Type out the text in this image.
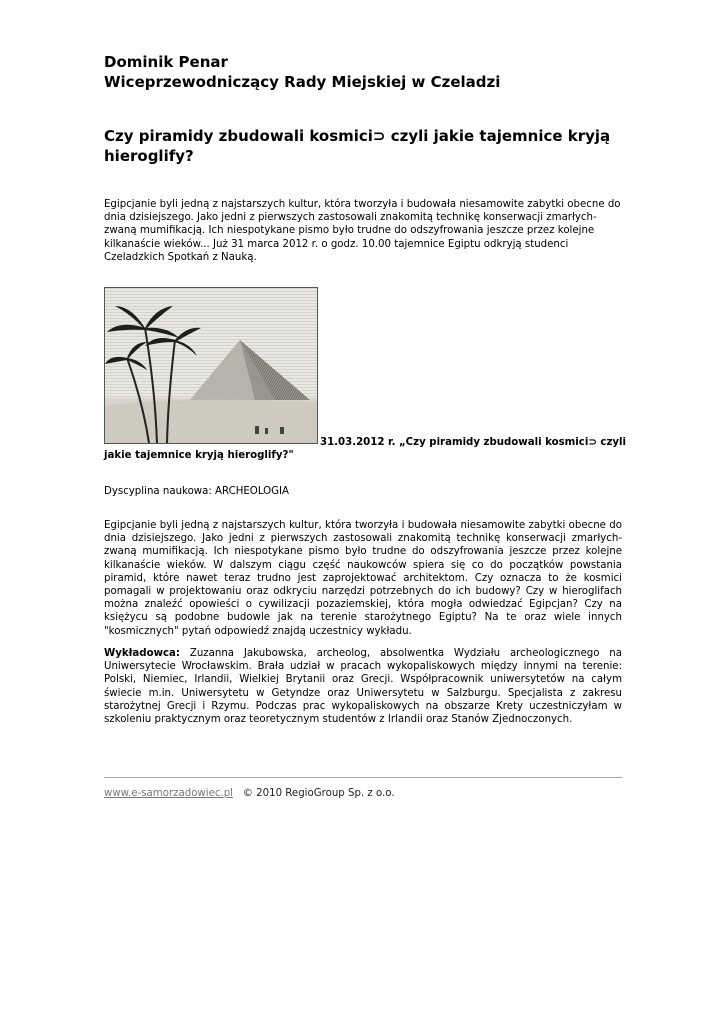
Dominik Penar
Wiceprzewodniczący Rady Miejskiej w Czeladzi
Czy piramidy zbudowali kosmici⊃ czyli jakie tajemnice kryją hieroglify?
Egipcjanie byli jedną z najstarszych kultur, która tworzyła i budowała niesamowite zabytki obecne do dnia dzisiejszego. Jako jedni z pierwszych zastosowali znakomitą technikę konserwacji zmarłych- zwaną mumifikacją. Ich niespotykane pismo było trudne do odszyfrowania jeszcze przez kolejne kilkanaście wieków... Już 31 marca 2012 r. o godz. 10.00 tajemnice Egiptu odkryją studenci Czeladzkich Spotkań z Nauką.
31.03.2012 r. „Czy piramidy zbudowali kosmici⊃ czyli
jakie tajemnice kryją hieroglify?"
Dyscyplina naukowa: ARCHEOLOGIA
Egipcjanie byli jedną z najstarszych kultur, która tworzyła i budowała niesamowite zabytki obecne do dnia dzisiejszego. Jako jedni z pierwszych zastosowali znakomitą technikę konserwacji zmarłych- zwaną mumifikacją. Ich niespotykane pismo było trudne do odszyfrowania jeszcze przez kolejne kilkanaście wieków. W dalszym ciągu część naukowców spiera się co do początków powstania piramid, które nawet teraz trudno jest zaprojektować architektom. Czy oznacza to że kosmici pomagali w projektowaniu oraz odkryciu narzędzi potrzebnych do ich budowy? Czy w hieroglifach można znaleźć opowieści o cywilizacji pozaziemskiej, która mogła odwiedzać Egipcjan? Czy na księżycu są podobne budowle jak na terenie starożytnego Egiptu? Na te oraz wiele innych "kosmicznych" pytań odpowiedź znajdą uczestnicy wykładu.
Wykładowca: Zuzanna Jakubowska, archeolog, absolwentka Wydziału archeologicznego na Uniwersytecie Wrocławskim. Brała udział w pracach wykopaliskowych między innymi na terenie: Polski, Niemiec, Irlandii, Wielkiej Brytanii oraz Grecji. Współpracownik uniwersytetów na całym świecie m.in. Uniwersytetu w Getyndze oraz Uniwersytetu w Salzburgu. Specjalista z zakresu starożytnej Grecji i Rzymu. Podczas prac wykopaliskowych na obszarze Krety uczestniczyłam w szkoleniu praktycznym oraz teoretycznym studentów z Irlandii oraz Stanów Zjednoczonych.
www.e-samorzadowiec.pl © 2010 RegioGroup Sp. z o.o.
